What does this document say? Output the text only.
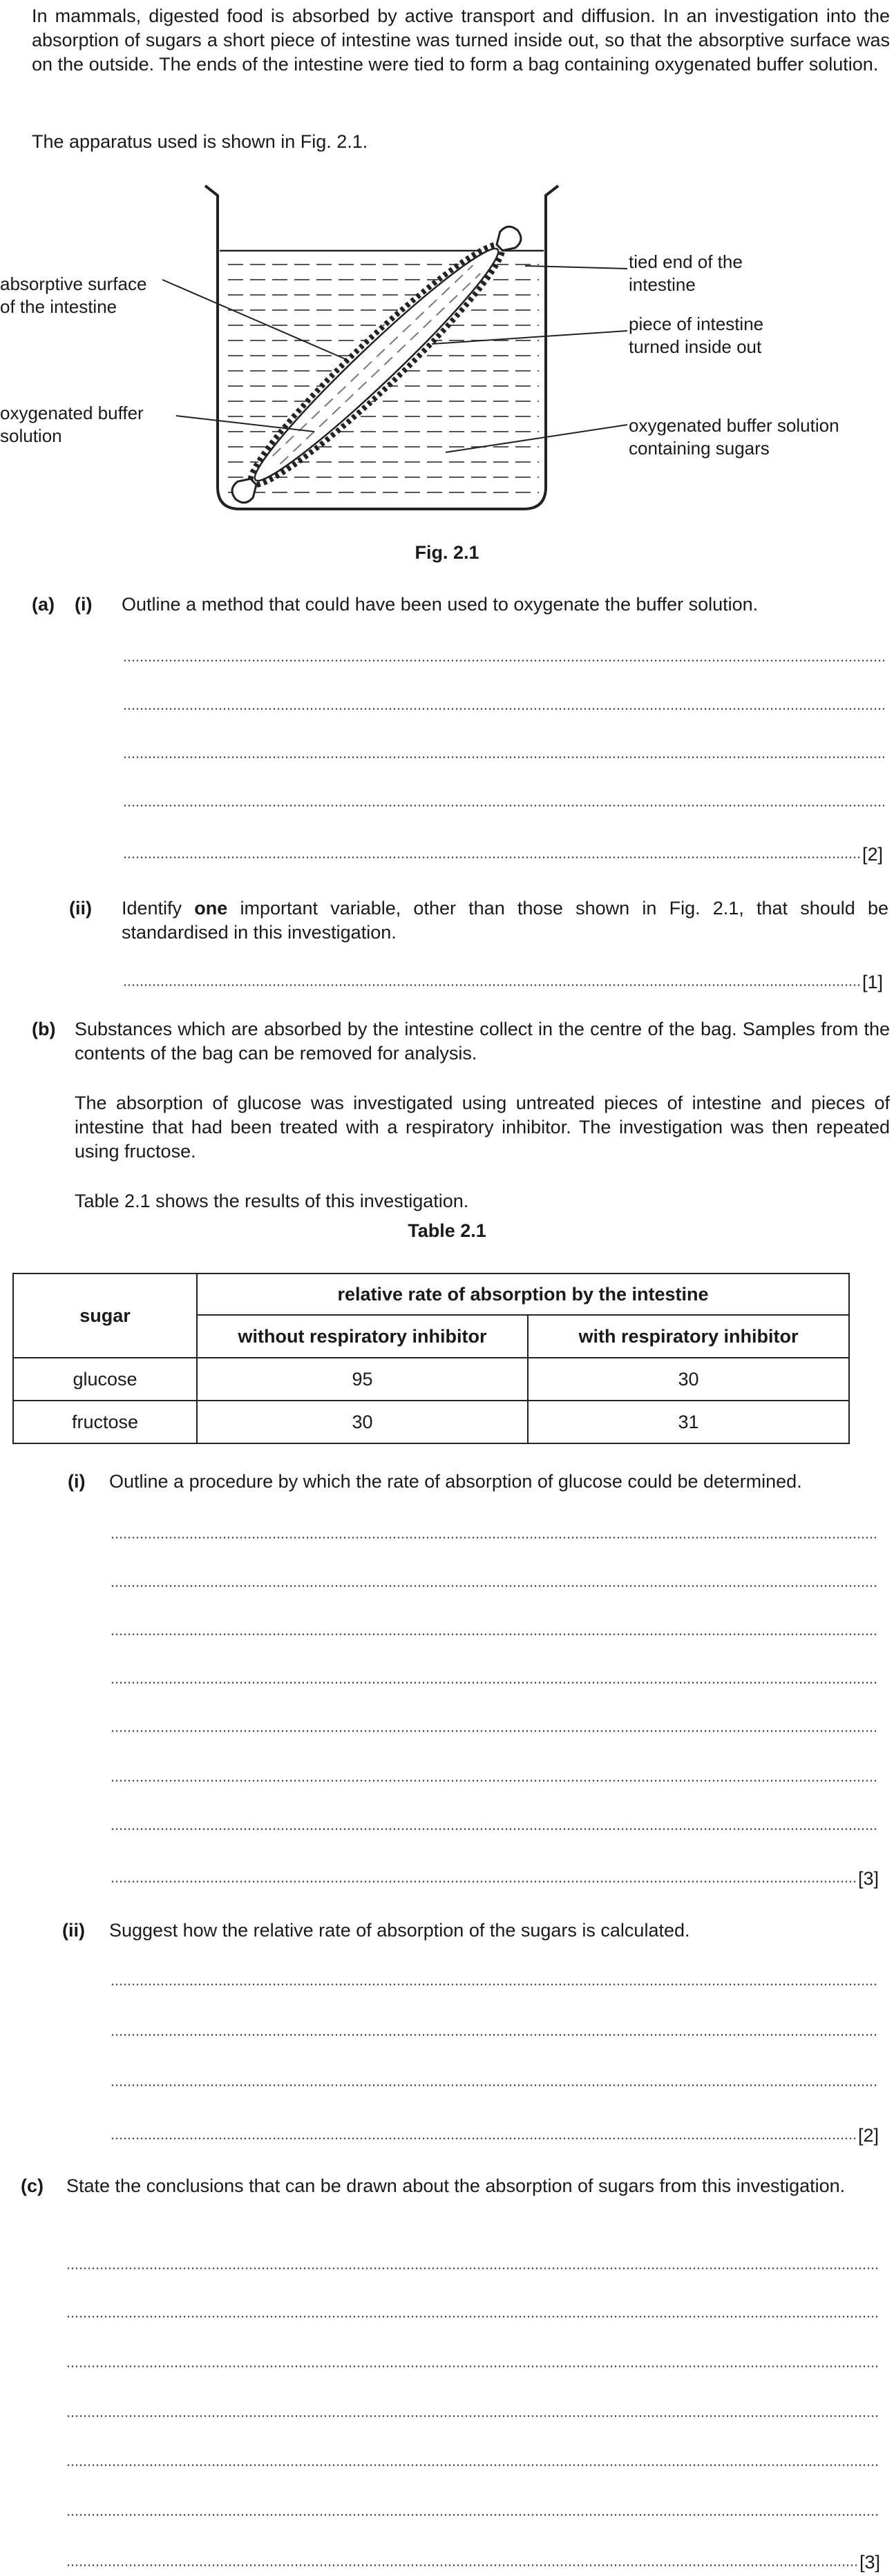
In mammals, digested food is absorbed by active transport and diffusion. In an investigation into the absorption of sugars a short piece of intestine was turned inside out, so that the absorptive surface was on the outside. The ends of the intestine were tied to form a bag containing oxygenated buffer solution.
The apparatus used is shown in Fig. 2.1.
absorptive surface
of the intestine
oxygenated buffer
solution
tied end of the
intestine
piece of intestine
turned inside out
oxygenated buffer solution
containing sugars
Fig. 2.1
(a) (i) Outline a method that could have been used to oxygenate the buffer solution.
[2]
(ii) Identify one important variable, other than those shown in Fig. 2.1, that should be standardised in this investigation.
[1]
(b) Substances which are absorbed by the intestine collect in the centre of the bag. Samples from the contents of the bag can be removed for analysis.
The absorption of glucose was investigated using untreated pieces of intestine and pieces of intestine that had been treated with a respiratory inhibitor. The investigation was then repeated using fructose.
Table 2.1 shows the results of this investigation.
Table 2.1
sugar	relative rate of absorption by the intestine	
	without respiratory inhibitor	with respiratory inhibitor
glucose	95	30
fructose	30	31
(i) Outline a procedure by which the rate of absorption of glucose could be determined.
[3]
(ii) Suggest how the relative rate of absorption of the sugars is calculated.
[2]
(c) State the conclusions that can be drawn about the absorption of sugars from this investigation.
[3]
